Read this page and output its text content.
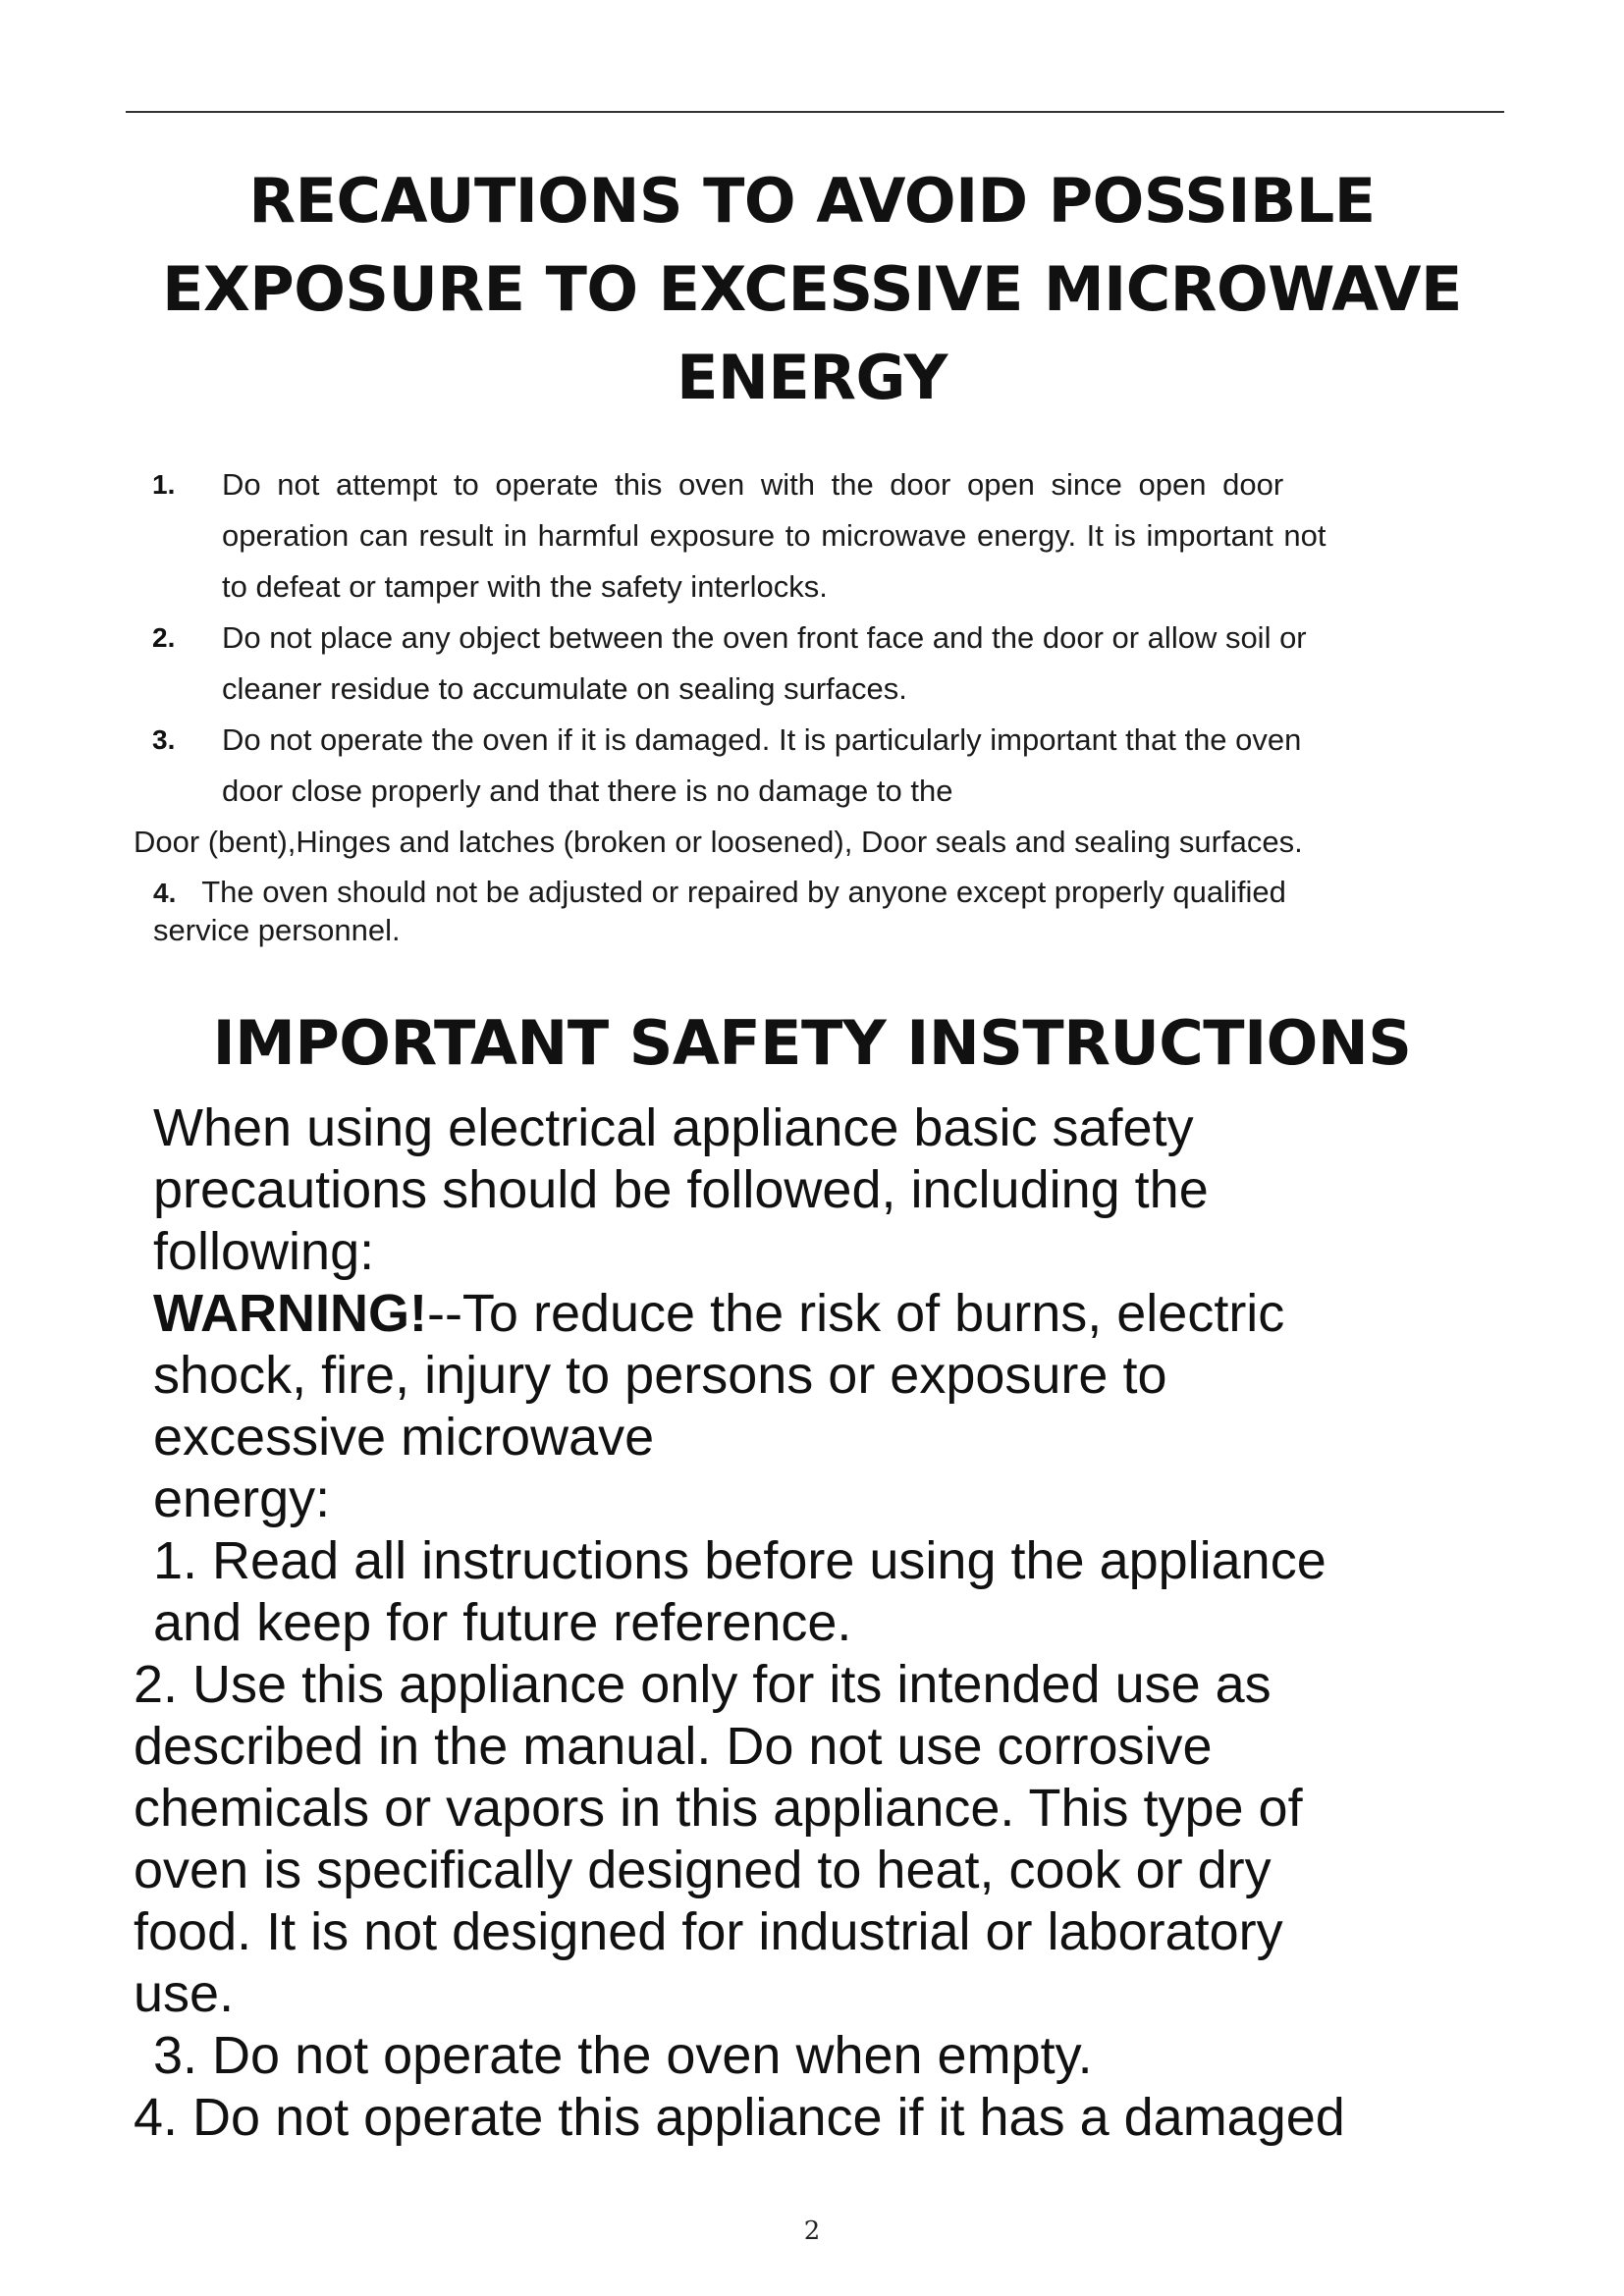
RECAUTIONS TO AVOID POSSIBLE
EXPOSURE TO EXCESSIVE MICROWAVE
ENERGY
1. Do not attempt to operate this oven with the door open since open door
operation can result in harmful exposure to microwave energy. It is important not
to defeat or tamper with the safety interlocks.
2. Do not place any object between the oven front face and the door or allow soil or
cleaner residue to accumulate on sealing surfaces.
3. Do not operate the oven if it is damaged. It is particularly important that the oven
door close properly and that there is no damage to the
Door (bent),Hinges and latches (broken or loosened), Door seals and sealing surfaces.
4. The oven should not be adjusted or repaired by anyone except properly qualified
service personnel.
IMPORTANT SAFETY INSTRUCTIONS
When using electrical appliance basic safety
precautions should be followed, including the
following:
WARNING!--To reduce the risk of burns, electric
shock, fire, injury to persons or exposure to
excessive microwave
energy:
1. Read all instructions before using the appliance
and keep for future reference.
2. Use this appliance only for its intended use as
described in the manual. Do not use corrosive
chemicals or vapors in this appliance. This type of
oven is specifically designed to heat, cook or dry
food. It is not designed for industrial or laboratory
use.
3. Do not operate the oven when empty.
4. Do not operate this appliance if it has a damaged
2
